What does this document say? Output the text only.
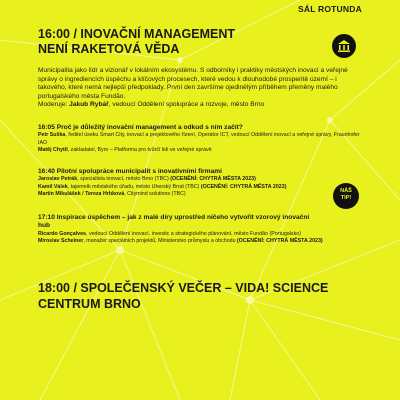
SÁL ROTUNDA
16:00 / INOVAČNÍ MANAGEMENT
NENÍ RAKETOVÁ VĚDA
Municipalita jako lídr a vizionář v lokálním ekosystému. S odborníky i praktiky městských inovací a veřejné správy o ingrediencích úspěchu a klíčových procesech, které vedou k dlouhodobé prosperitě území – i takového, které nemá nejlepší předpoklady. První den završíme ojedinělým příběhem přeměny malého portugalského města Fundão.
Moderuje: Jakub Rybář, vedoucí Oddělení spolupráce a rozvoje, město Brno
16:05 Proč je důležitý inovační management a odkud s ním začít?
Petr Suška, ředitel úseku Smart City, inovací a projektového řízení, Operátor ICT, vedoucí Oddělení inovací a veřejné správy, Fraunhofer IAO
Matěj Chytil, zakladatel, Byro – Platforma pro tvůrčí lidi ve veřejné správě
16:40 Pilotní spolupráce municipalit s inovativními firmami
Jaroslav Petrák, specialista inovací, město Brno (TBC) (OCENĚNÍ: CHYTRÁ MĚSTA 2023)
Kamil Válek, tajemník městského úřadu, město Uherský Brod (TBC) (OCENĚNÍ: CHYTRÁ MĚSTA 2023)
Martin Mikulášek / Tereza Hrbková, Citymind solutions (TBC)
17:10 Inspirace úspěchem – jak z malé díry uprostřed ničeho vytvořit vzorový inovační hub
Ricardo Gonçalves, vedoucí Oddělení inovací, investic a strategického plánování, město Fundão (Portugalsko)
Miroslav Scheiner, manažer speciálních projektů, Ministerstvo průmyslu a obchodu (OCENĚNÍ: CHYTRÁ MĚSTA 2023)
NÁŠ
TIP!
18:00 / SPOLEČENSKÝ VEČER – VIDA! SCIENCE
CENTRUM BRNO
